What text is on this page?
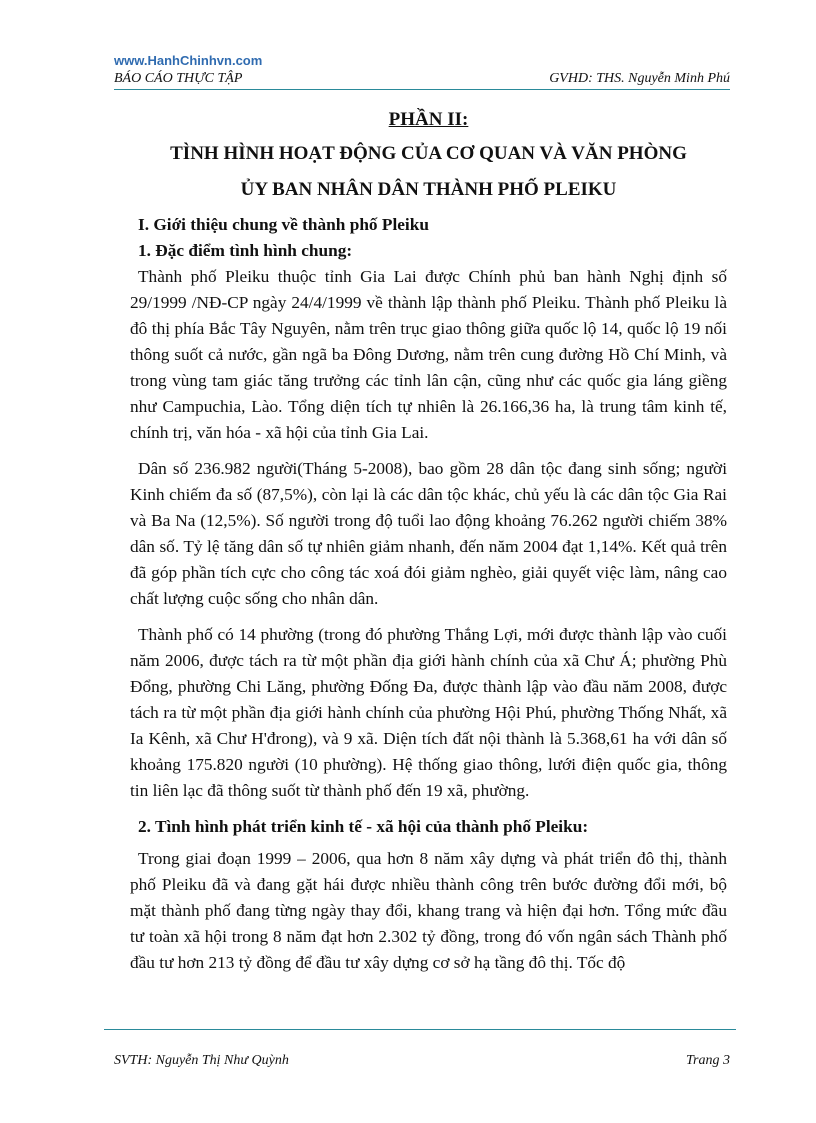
www.HanhChinhvn.com
BÁO CÁO THỰC TẬP	GVHD: THS. Nguyễn Minh Phú
PHẦN II:
TÌNH HÌNH HOẠT ĐỘNG CỦA CƠ QUAN VÀ VĂN PHÒNG
ỦY BAN NHÂN DÂN THÀNH PHỐ PLEIKU
I. Giới thiệu chung về thành phố Pleiku
1. Đặc điểm tình hình chung:

Thành phố Pleiku thuộc tỉnh Gia Lai được Chính phủ ban hành Nghị định số 29/1999 /NĐ-CP ngày 24/4/1999 về thành lập thành phố Pleiku. Thành phố Pleiku là đô thị phía Bắc Tây Nguyên, nằm trên trục giao thông giữa quốc lộ 14, quốc lộ 19 nối thông suốt cả nước, gần ngã ba Đông Dương, nằm trên cung đường Hồ Chí Minh, và trong vùng tam giác tăng trưởng các tỉnh lân cận, cũng như các quốc gia láng giềng như Campuchia, Lào. Tổng diện tích tự nhiên là 26.166,36 ha, là trung tâm kinh tế, chính trị, văn hóa - xã hội của tỉnh Gia Lai.

Dân số 236.982 người(Tháng 5-2008), bao gồm 28 dân tộc đang sinh sống; người Kinh chiếm đa số (87,5%), còn lại là các dân tộc khác, chủ yếu là các dân tộc Gia Rai và Ba Na (12,5%). Số người trong độ tuổi lao động khoảng 76.262 người chiếm 38% dân số. Tỷ lệ tăng dân số tự nhiên giảm nhanh, đến năm 2004 đạt 1,14%. Kết quả trên đã góp phần tích cực cho công tác xoá đói giảm nghèo, giải quyết việc làm, nâng cao chất lượng cuộc sống cho nhân dân.

Thành phố có 14 phường (trong đó phường Thắng Lợi, mới được thành lập vào cuối năm 2006, được tách ra từ một phần địa giới hành chính của xã Chư Á; phường Phù Đổng, phường Chi Lăng, phường Đống Đa, được thành lập vào đầu năm 2008, được tách ra từ một phần địa giới hành chính của phường Hội Phú, phường Thống Nhất, xã Ia Kênh, xã Chư H'đrong), và 9 xã. Diện tích đất nội thành là 5.368,61 ha với dân số khoảng 175.820 người (10 phường). Hệ thống giao thông, lưới điện quốc gia, thông tin liên lạc đã thông suốt từ thành phố đến 19 xã, phường.

2. Tình hình phát triển kinh tế - xã hội của thành phố Pleiku:

Trong giai đoạn 1999 – 2006, qua hơn 8 năm xây dựng và phát triển đô thị, thành phố Pleiku đã và đang gặt hái được nhiều thành công trên bước đường đổi mới, bộ mặt thành phố đang từng ngày thay đổi, khang trang và hiện đại hơn. Tổng mức đầu tư toàn xã hội trong 8 năm đạt hơn 2.302 tỷ đồng, trong đó vốn ngân sách Thành phố đầu tư hơn 213 tỷ đồng để đầu tư xây dựng cơ sở hạ tầng đô thị. Tốc độ

SVTH: Nguyễn Thị Như Quỳnh	Trang 3
